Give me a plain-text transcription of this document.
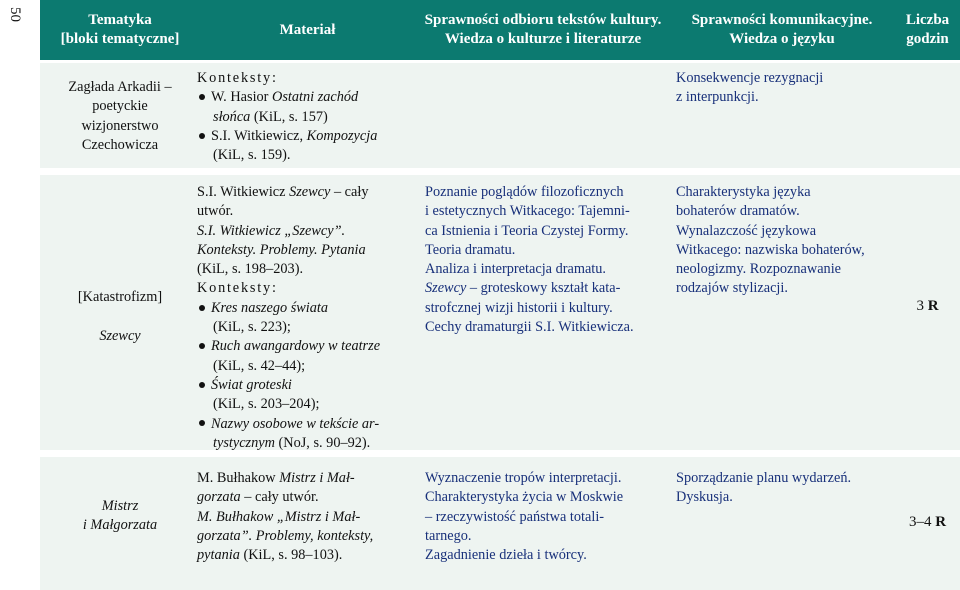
50	Tematyka
[bloki tematyczne]
Materiał
Sprawności odbioru tekstów kultury.
Wiedza o kulturze i literaturze
Sprawności komunikacyjne.
Wiedza o języku
Liczba
godzin
Zagłada Arkadii –
poetyckie
wizjonerstwo
Czechowicza
Konteksty:
W. Hasior Ostatni zachód
słońca (KiL, s. 157)
S.I. Witkiewicz, Kompozycja
(KiL, s. 159).
Konsekwencje rezygnacji
z interpunkcji.
[Katastrofizm]

Szewcy
S.I. Witkiewicz Szewcy – cały
utwór.
S.I. Witkiewicz „Szewcy”.
Konteksty. Problemy. Pytania
(KiL, s. 198–203).
Konteksty:
Kres naszego świata
(KiL, s. 223);
Ruch awangardowy w teatrze
(KiL, s. 42–44);
Świat groteski
(KiL, s. 203–204);
Nazwy osobowe w tekście ar-
tystycznym (NoJ, s. 90–92).
Poznanie poglądów filozoficznych
i estetycznych Witkacego: Tajemni-
ca Istnienia i Teoria Czystej Formy.
Teoria dramatu.
Analiza i interpretacja dramatu.
Szewcy – groteskowy kształt kata-
strofcznej wizji historii i kultury.
Cechy dramaturgii S.I. Witkiewicza.
Charakterystyka języka
bohaterów dramatów.
Wynalazczość językowa
Witkacego: nazwiska bohaterów,
neologizmy. Rozpoznawanie
rodzajów stylizacji.
3 R
Mistrz
i Małgorzata
M. Bułhakow Mistrz i Mał-
gorzata – cały utwór.
M. Bułhakow „Mistrz i Mał-
gorzata”. Problemy, konteksty,
pytania (KiL, s. 98–103).
Wyznaczenie tropów interpretacji.
Charakterystyka życia w Moskwie
– rzeczywistość państwa totali-
tarnego.
Zagadnienie dzieła i twórcy.
Sporządzanie planu wydarzeń.
Dyskusja.
3–4 R
